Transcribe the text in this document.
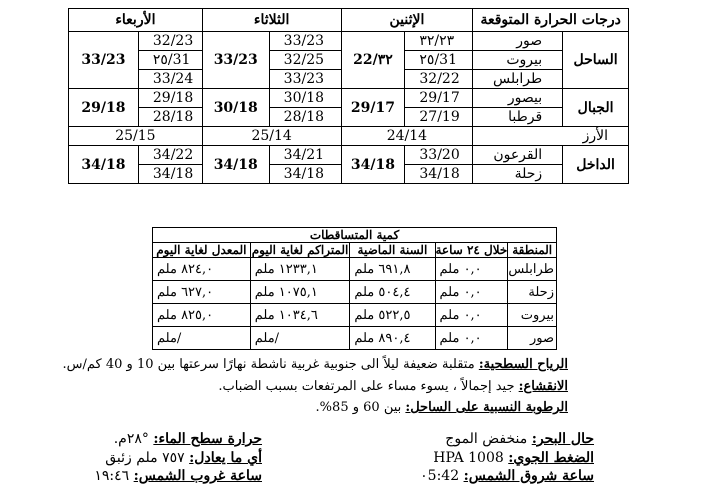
درجات الحرارة المتوقعة		الإثنين		الثلاثاء		الأربعاء	
الساحل	صور	٣٢/٢٣	٣٢/22	33/23	33/23	32/23	33/23
	بيروت	31/٢٥		32/25		31/٢٥	
	طرابلس	32/22		33/23		33/24	
الجبال	بيصور	29/17	29/17	30/18	30/18	29/18	29/18
	قرطبا	27/19		28/18		28/18	
الأرز		24/14		25/14		25/15	
الداخل	القرعون	33/20	34/18	34/21	34/18	34/22	34/18
	زحلة	34/18		34/18		34/18	
كمية المتساقطات				
المنطقة	خلال ٢٤ ساعة	السنة الماضية	المتراكم لغاية اليوم	المعدل لغاية اليوم
طرابلس	٠,٠ ملم	٦٩١,٨ ملم	١٢٣٣,١ ملم	٨٢٤,٠ ملم
زحلة	٠,٠ ملم	٥٠٤,٤ ملم	١٠٧٥,١ ملم	٦٢٧,٠ ملم
بيروت	٠,٠ ملم	٥٢٢,٥ ملم	١٠٣٤,٦ ملم	٨٢٥,٠ ملم
صور	٠,٠ ملم	٨٩٠,٤ ملم	/ملم	/ملم
الرياح السطحية: متقلبة ضعيفة ليلاً الى جنوبية غربية ناشطة نهارًا سرعتها بين 10 و 40 كم/س.
الانقشاع: جيد إجمالاً ، يسوء مساء على المرتفعات بسبب الضباب.
الرطوبة النسبية على الساحل: بين 60 و 85%.
حال البحر: منخفض الموج
حرارة سطح الماء: °٢٨م.
الضغط الجوي: HPA 1008
أي ما يعادل: ٧٥٧ ملم زئبق
ساعة شروق الشمس: ٠5:42
ساعة غروب الشمس: ١٩:٤٦
